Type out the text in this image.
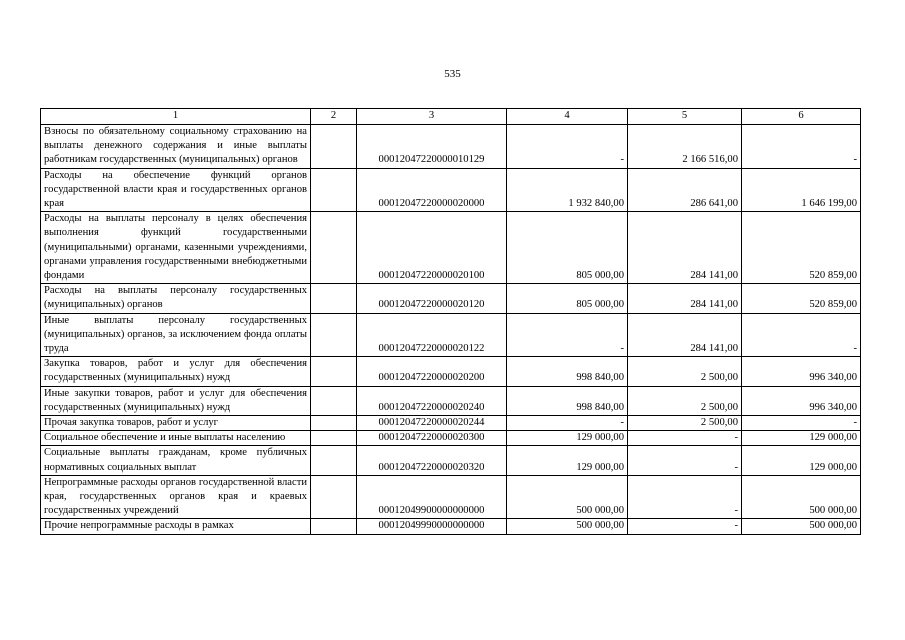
535
1	2	3	4	5	6
Взносы по обязательному социальному страхованию на выплаты денежного содержания и иные выплаты работникам государственных (муниципальных) органов		00012047220000010129	-	2 166 516,00	-
Расходы на обеспечение функций органов государственной власти края и государственных органов края		00012047220000020000	1 932 840,00	286 641,00	1 646 199,00
Расходы на выплаты персоналу в целях обеспечения выполнения функций государственными (муниципальными) органами, казенными учреждениями, органами управления государственными внебюджетными фондами		00012047220000020100	805 000,00	284 141,00	520 859,00
Расходы на выплаты персоналу государственных (муниципальных) органов		00012047220000020120	805 000,00	284 141,00	520 859,00
Иные выплаты персоналу государственных (муниципальных) органов, за исключением фонда оплаты труда		00012047220000020122	-	284 141,00	-
Закупка товаров, работ и услуг для обеспечения государственных (муниципальных) нужд		00012047220000020200	998 840,00	2 500,00	996 340,00
Иные закупки товаров, работ и услуг для обеспечения государственных (муниципальных) нужд		00012047220000020240	998 840,00	2 500,00	996 340,00
Прочая закупка товаров, работ и услуг		00012047220000020244	-	2 500,00	-
Социальное обеспечение и иные выплаты населению		00012047220000020300	129 000,00	-	129 000,00
Социальные выплаты гражданам, кроме публичных нормативных социальных выплат		00012047220000020320	129 000,00	-	129 000,00
Непрограммные расходы органов государственной власти края, государственных органов края и краевых государственных учреждений		00012049900000000000	500 000,00	-	500 000,00
Прочие непрограммные расходы в рамках		00012049990000000000	500 000,00	-	500 000,00
